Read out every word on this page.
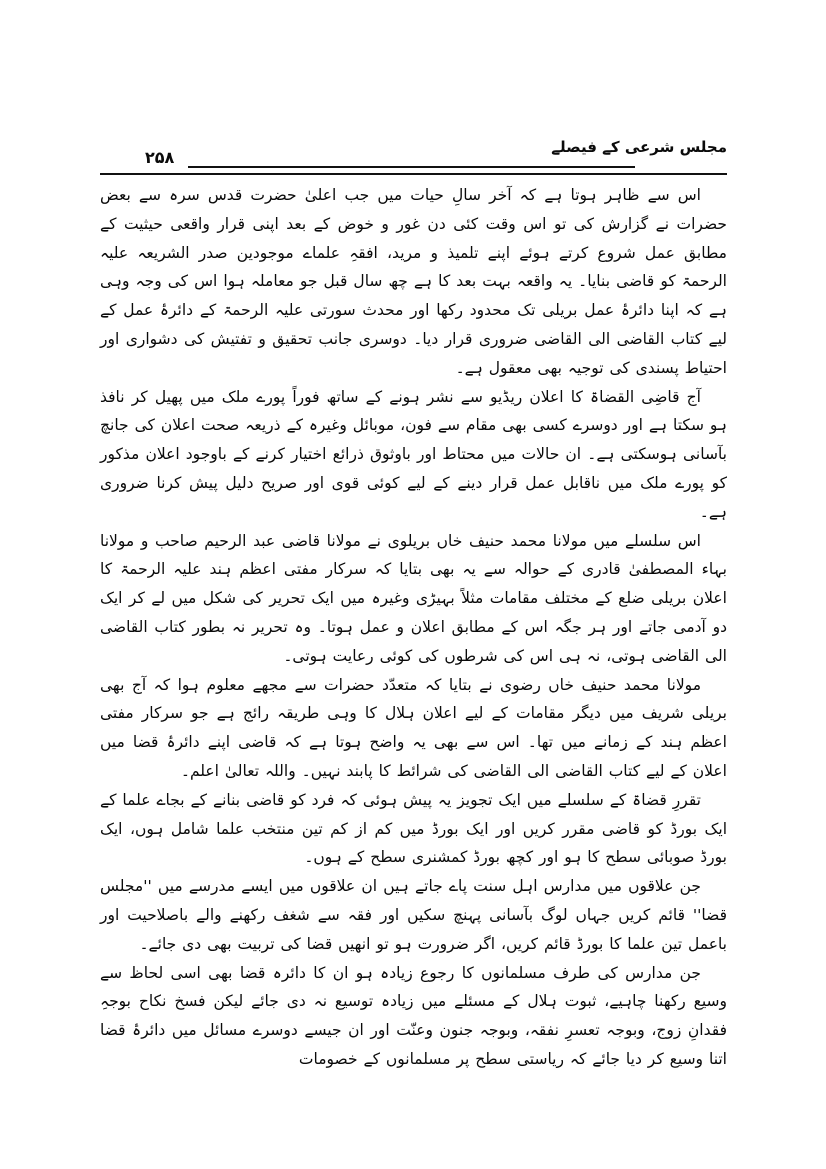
مجلس شرعی کے فیصلے
۲۵۸

اس سے ظاہر ہوتا ہے کہ آخر سالِ حیات میں جب اعلیٰ حضرت قدس سرہ سے بعض حضرات نے گزارش کی تو اس وقت کئی دن غور و خوض کے بعد اپنی قرار واقعی حیثیت کے مطابق عمل شروع کرتے ہوئے اپنے تلمیذ و مرید، افقہِ علماے موجودین صدر الشریعہ علیہ الرحمۃ کو قاضی بنایا۔ یہ واقعہ بہت بعد کا ہے چھ سال قبل جو معاملہ ہوا اس کی وجہ وہی ہے کہ اپنا دائرۂ عمل بریلی تک محدود رکھا اور محدث سورتی علیہ الرحمۃ کے دائرۂ عمل کے لیے کتاب القاضی الی القاضی ضروری قرار دیا۔ دوسری جانب تحقیق و تفتیش کی دشواری اور احتیاط پسندی کی توجیہ بھی معقول ہے۔

آج قاضِی القضاۃ کا اعلان ریڈیو سے نشر ہونے کے ساتھ فوراً پورے ملک میں پھیل کر نافذ ہو سکتا ہے اور دوسرے کسی بھی مقام سے فون، موبائل وغیرہ کے ذریعہ صحت اعلان کی جانچ بآسانی ہوسکتی ہے۔ ان حالات میں محتاط اور باوثوق ذرائع اختیار کرنے کے باوجود اعلان مذکور کو پورے ملک میں ناقابل عمل قرار دینے کے لیے کوئی قوی اور صریح دلیل پیش کرنا ضروری ہے۔

اس سلسلے میں مولانا محمد حنیف خاں بریلوی نے مولانا قاضی عبد الرحیم صاحب و مولانا بہاء المصطفیٰ قادری کے حوالہ سے یہ بھی بتایا کہ سرکار مفتی اعظم ہند علیہ الرحمۃ کا اعلان بریلی ضلع کے مختلف مقامات مثلاً بہیڑی وغیرہ میں ایک تحریر کی شکل میں لے کر ایک دو آدمی جاتے اور ہر جگہ اس کے مطابق اعلان و عمل ہوتا۔ وہ تحریر نہ بطور کتاب القاضی الی القاضی ہوتی، نہ ہی اس کی شرطوں کی کوئی رعایت ہوتی۔

مولانا محمد حنیف خاں رضوی نے بتایا کہ متعدّد حضرات سے مجھے معلوم ہوا کہ آج بھی بریلی شریف میں دیگر مقامات کے لیے اعلان ہلال کا وہی طریقہ رائج ہے جو سرکار مفتی اعظم ہند کے زمانے میں تھا۔ اس سے بھی یہ واضح ہوتا ہے کہ قاضی اپنے دائرۂ قضا میں اعلان کے لیے کتاب القاضی الی القاضی کی شرائط کا پابند نہیں۔ واللہ تعالیٰ اعلم۔

تقررِ قضاۃ کے سلسلے میں ایک تجویز یہ پیش ہوئی کہ فرد کو قاضی بنانے کے بجاے علما کے ایک بورڈ کو قاضی مقرر کریں اور ایک بورڈ میں کم از کم تین منتخب علما شامل ہوں، ایک بورڈ صوبائی سطح کا ہو اور کچھ بورڈ کمشنری سطح کے ہوں۔

جن علاقوں میں مدارس اہل سنت پاے جاتے ہیں ان علاقوں میں ایسے مدرسے میں ''مجلس قضا'' قائم کریں جہاں لوگ بآسانی پہنچ سکیں اور فقہ سے شغف رکھنے والے باصلاحیت اور باعمل تین علما کا بورڈ قائم کریں، اگر ضرورت ہو تو انھیں قضا کی تربیت بھی دی جائے۔

جن مدارس کی طرف مسلمانوں کا رجوع زیادہ ہو ان کا دائرہ قضا بھی اسی لحاظ سے وسیع رکھنا چاہیے، ثبوت ہلال کے مسئلے میں زیادہ توسیع نہ دی جائے لیکن فسخ نکاح بوجہِ فقدانِ زوج، وبوجہ تعسرِ نفقہ، وبوجہ جنون وعنّت اور ان جیسے دوسرے مسائل میں دائرۂ قضا اتنا وسیع کر دیا جائے کہ ریاستی سطح پر مسلمانوں کے خصومات
